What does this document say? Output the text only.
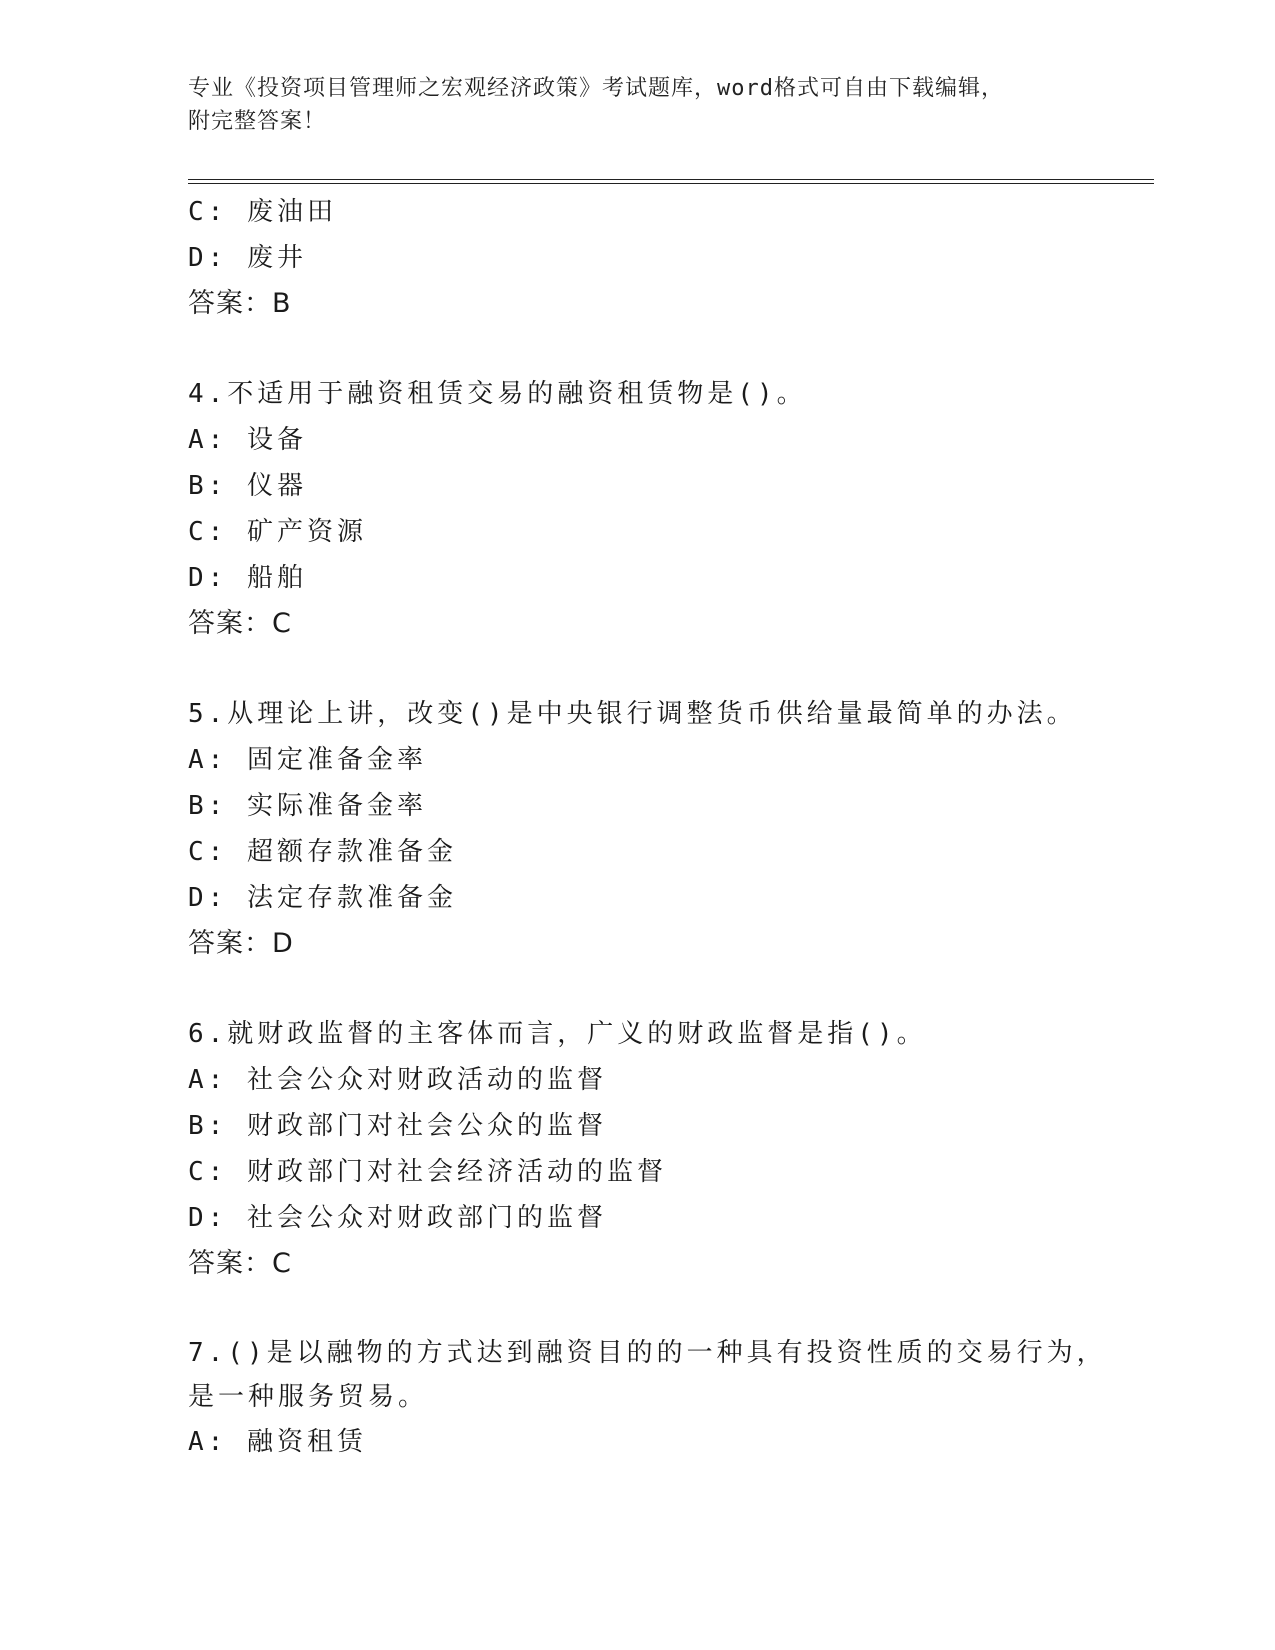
专业《投资项目管理师之宏观经济政策》考试题库，word格式可自由下载编辑，
附完整答案！
C: 废油田
D: 废井
答案：B
4.不适用于融资租赁交易的融资租赁物是()。
A: 设备
B: 仪器
C: 矿产资源
D: 船舶
答案：C
5.从理论上讲，改变()是中央银行调整货币供给量最简单的办法。
A: 固定准备金率
B: 实际准备金率
C: 超额存款准备金
D: 法定存款准备金
答案：D
6.就财政监督的主客体而言，广义的财政监督是指()。
A: 社会公众对财政活动的监督
B: 财政部门对社会公众的监督
C: 财政部门对社会经济活动的监督
D: 社会公众对财政部门的监督
答案：C
7.()是以融物的方式达到融资目的的一种具有投资性质的交易行为，
是一种服务贸易。
A: 融资租赁
